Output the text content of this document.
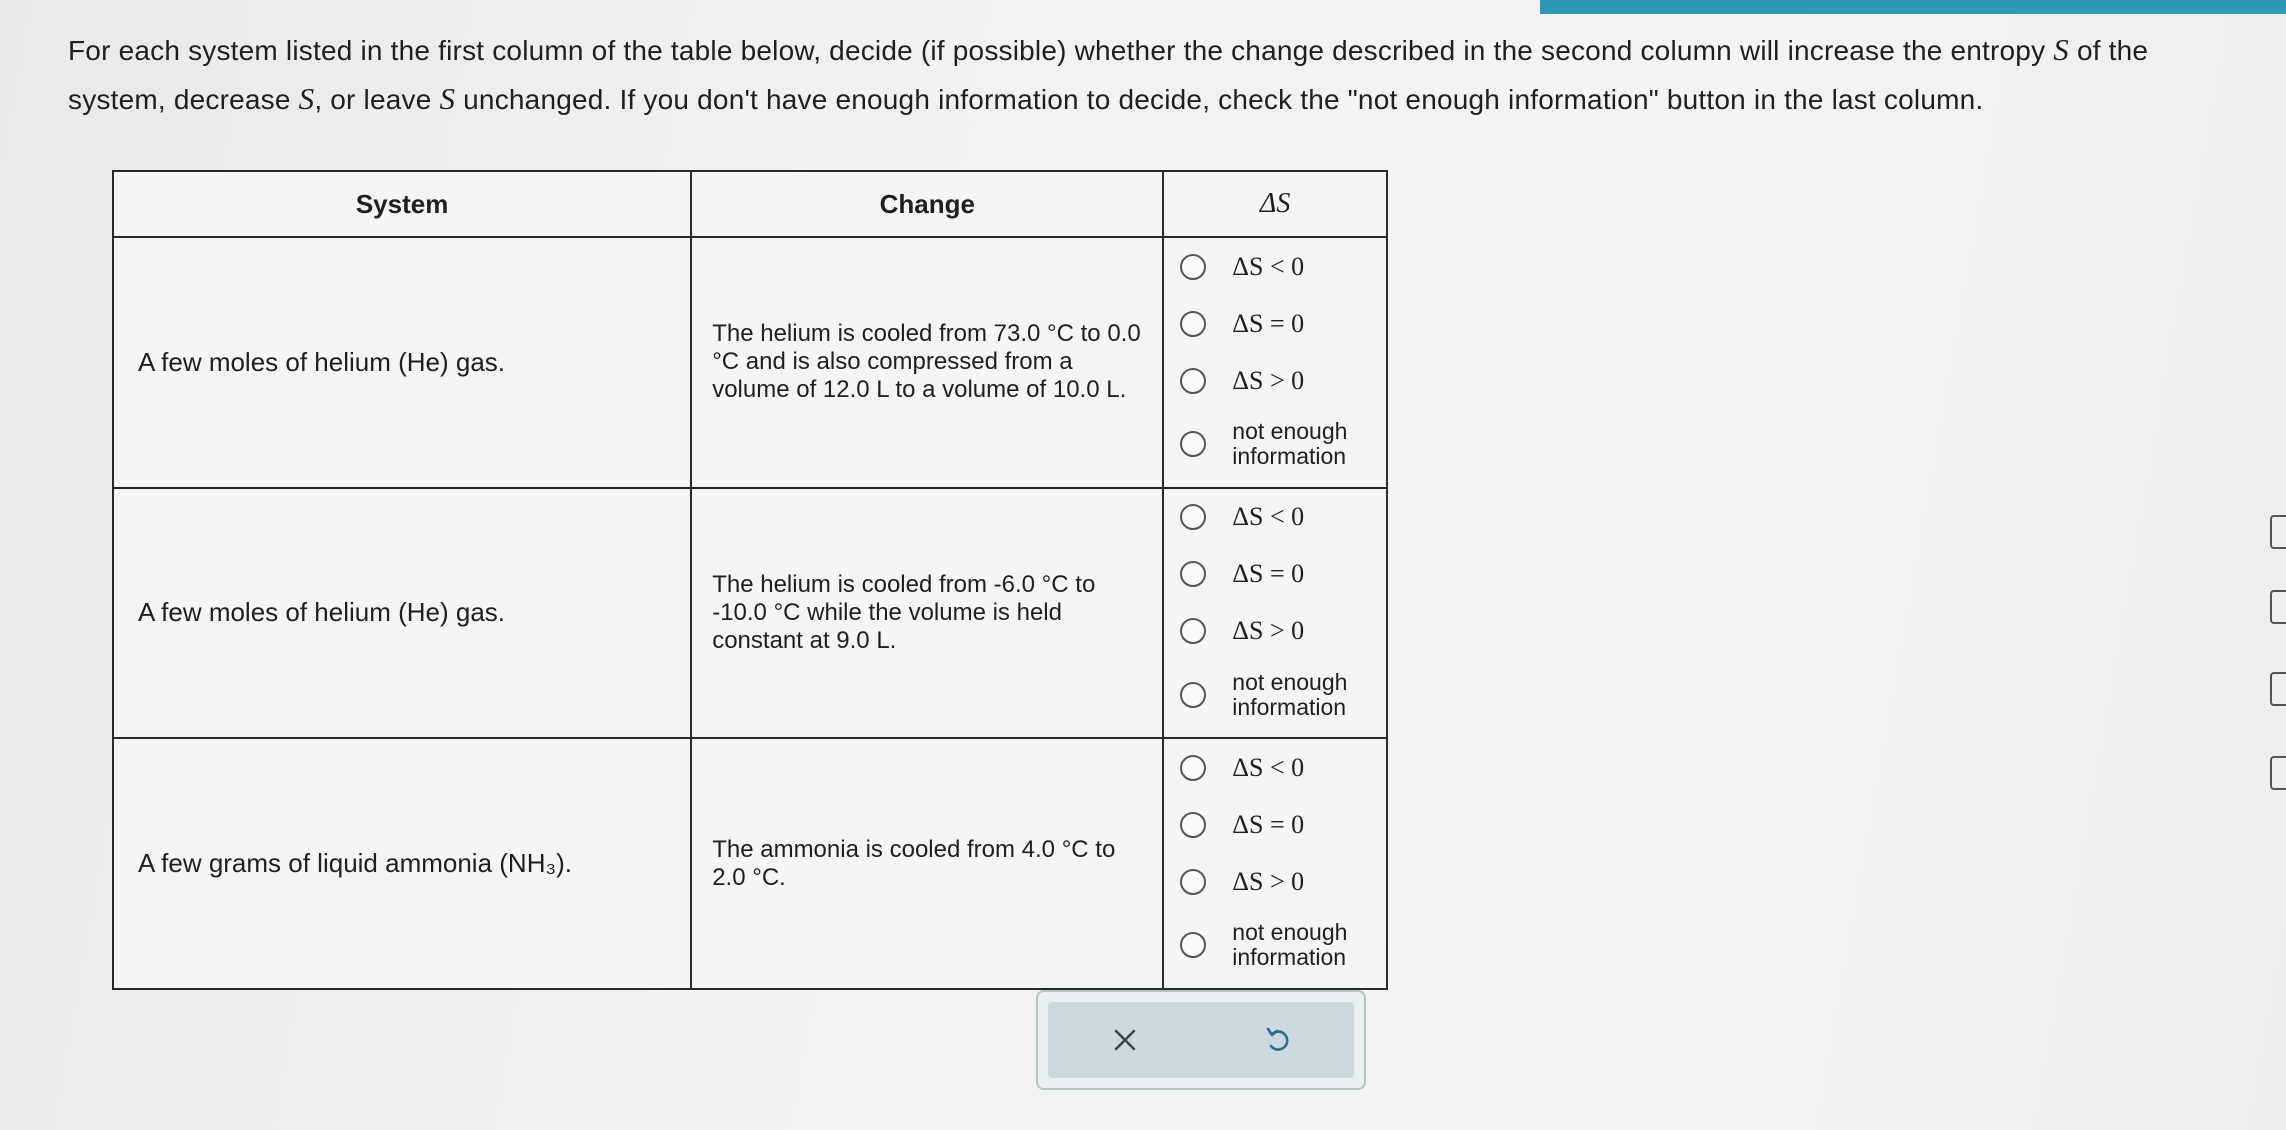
For each system listed in the first column of the table below, decide (if possible) whether the change described in the second column will increase the entropy S of the system, decrease S, or leave S unchanged. If you don't have enough information to decide, check the "not enough information" button in the last column.

System	Change	ΔS
A few moles of helium (He) gas.	The helium is cooled from 73.0 °C to 0.0 °C and is also compressed from a volume of 12.0 L to a volume of 10.0 L.	ΔS < 0
ΔS = 0
ΔS > 0
not enough information

A few moles of helium (He) gas.	The helium is cooled from -6.0 °C to -10.0 °C while the volume is held constant at 9.0 L.	ΔS < 0
ΔS = 0
ΔS > 0
not enough information

A few grams of liquid ammonia (NH₃).	The ammonia is cooled from 4.0 °C to 2.0 °C.	ΔS < 0
ΔS = 0
ΔS > 0
not enough information
